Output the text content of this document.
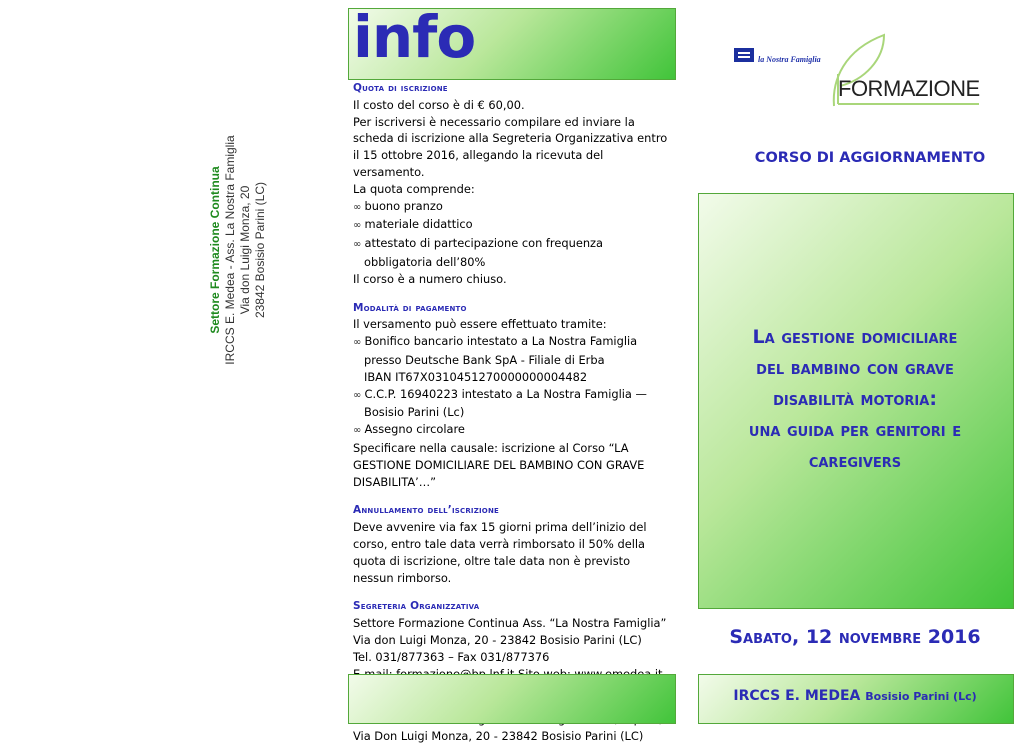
Settore Formazione Continua IRCCS E. Medea - Ass. La Nostra Famiglia Via don Luigi Monza, 20 23842 Bosisio Parini (LC)
info

Quota di iscrizione

Il costo del corso è di € 60,00.

Per iscriversi è necessario compilare ed inviare la scheda di iscrizione alla Segreteria Organizzativa entro il 15 ottobre 2016, allegando la ricevuta del versamento.

La quota comprende:

∞ buono pranzo

∞ materiale didattico

∞ attestato di partecipazione con frequenza obbligatoria dell’80%

Il corso è a numero chiuso.

Modalità di pagamento

Il versamento può essere effettuato tramite:

∞ Bonifico bancario intestato a La Nostra Famiglia presso Deutsche Bank SpA - Filiale di Erba

IBAN IT67X0310451270000000004482

∞ C.C.P. 16940223 intestato a La Nostra Famiglia — Bosisio Parini (Lc)

∞ Assegno circolare

Specificare nella causale: iscrizione al Corso “LA GESTIONE DOMICILIARE DEL BAMBINO CON GRAVE DISABILITA’…”

Annullamento dell’iscrizione

Deve avvenire via fax 15 giorni prima dell’inizio del corso, entro tale data verrà rimborsato il 50% della quota di iscrizione, oltre tale data non è previsto nessun rimborso.

Segreteria Organizzativa

Settore Formazione Continua Ass. “La Nostra Famiglia”

Via don Luigi Monza, 20 - 23842 Bosisio Parini (LC)

Tel. 031/877363 – Fax 031/877376

Via Don Luigi Monza, 20 - 23842 Bosisio Parini (LC)

la Nostra Famiglia
FORMAZIONE
CORSO DI AGGIORNAMENTO
La gestione domiciliare
del bambino con grave
disabilità motoria:
una guida per genitori e
caregivers
Sabato, 12 novembre 2016
IRCCS E. MEDEA Bosisio Parini (Lc)
